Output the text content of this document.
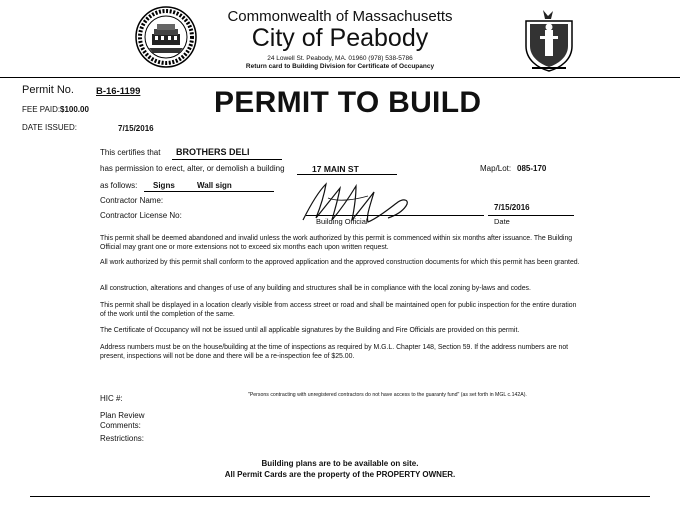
Commonwealth of Massachusetts
City of Peabody
24 Lowell St. Peabody, MA. 01960 (978) 538-5786
Return card to Building Division for Certificate of Occupancy
Permit No. B-16-1199
FEE PAID: $100.00
DATE ISSUED:	7/15/2016
PERMIT TO BUILD
This certifies that BROTHERS DELI
has permission to erect, alter, or demolish a building	17 MAIN ST	Map/Lot: 085-170
as follows: Signs	Wall sign
Contractor Name:
Contractor License No:
Building Official
7/15/2016
Date
This permit shall be deemed abandoned and invalid unless the work authorized by this permit is commenced within six months after issuance. The Building Official may grant one or more extensions not to exceed six months each upon written request.
All work authorized by this permit shall conform to the approved application and the approved construction documents for which this permit has been granted.
All construction, alterations and changes of use of any building and structures shall be in compliance with the local zoning by-laws and codes.
This permit shall be displayed in a location clearly visible from access street or road and shall be maintained open for public inspection for the entire duration of the work until the completion of the same.
The Certificate of Occupancy will not be issued until all applicable signatures by the Building and Fire Officials are provided on this permit.
Address numbers must be on the house/building at the time of inspections as required by M.G.L. Chapter 148, Section 59. If the address numbers are not present, inspections will not be done and there will be a re-inspection fee of $25.00.
HIC #:	"Persons contracting with unregistered contractors do not have access to the guaranty fund" (as set forth in MGL c.142A).
Plan Review
Comments:
Restrictions:
Building plans are to be available on site.
All Permit Cards are the property of the PROPERTY OWNER.
